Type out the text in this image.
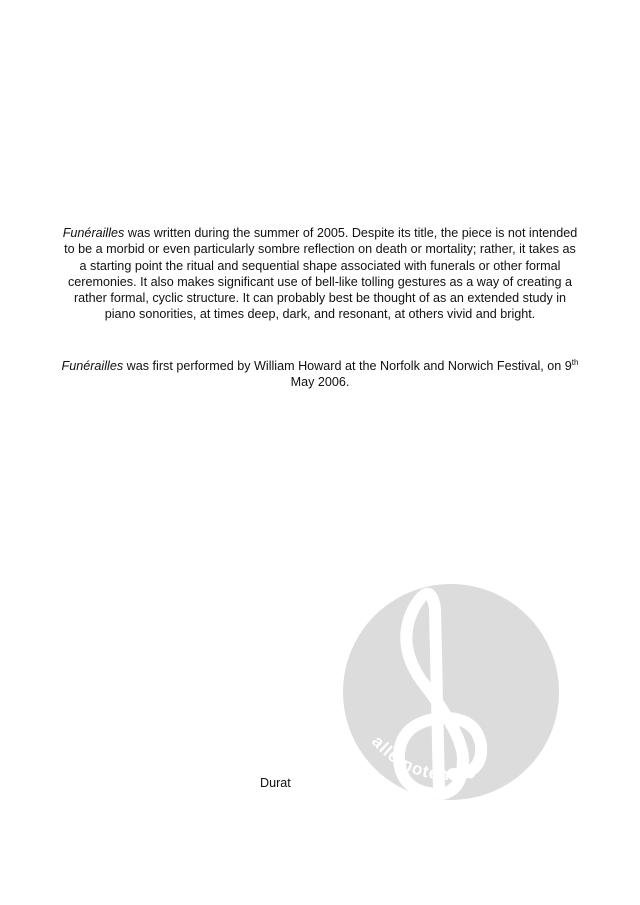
Funérailles was written during the summer of 2005. Despite its title, the piece is not intended to be a morbid or even particularly sombre reflection on death or mortality; rather, it takes as a starting point the ritual and sequential shape associated with funerals or other formal ceremonies. It also makes significant use of bell-like tolling gestures as a way of creating a rather formal, cyclic structure. It can probably best be thought of as an extended study in piano sonorities, at times deep, dark, and resonant, at others vivid and bright.
Funérailles was first performed by William Howard at the Norfolk and Norwich Festival, on 9th May 2006.
Durat
alle-noten.de
